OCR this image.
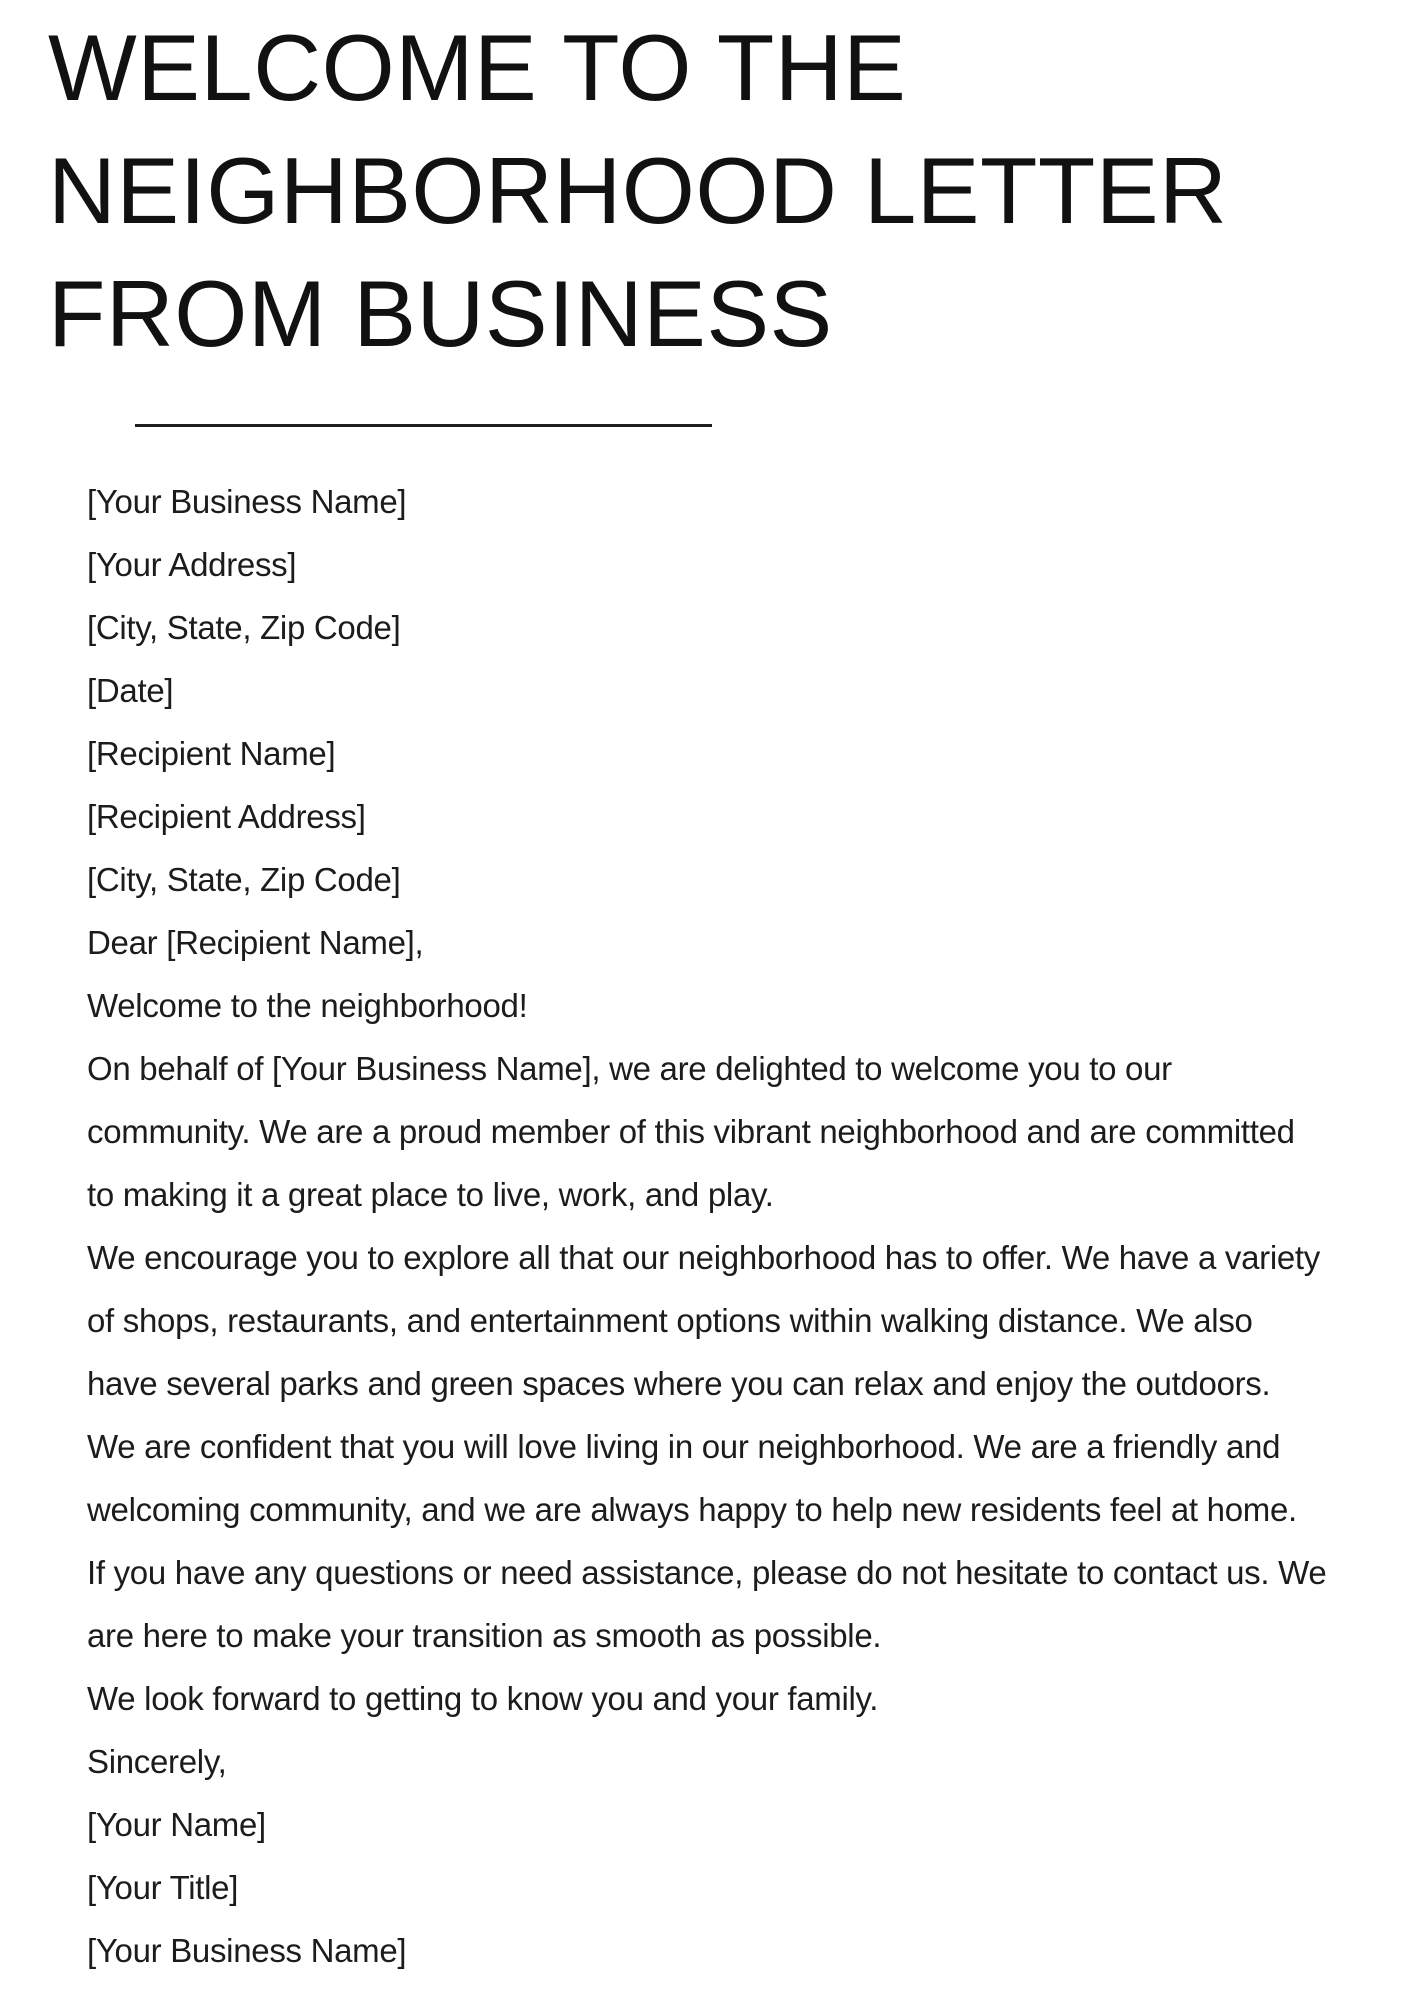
WELCOME TO THE
NEIGHBORHOOD LETTER
FROM BUSINESS
[Your Business Name]
[Your Address]
[City, State, Zip Code]
[Date]
[Recipient Name]
[Recipient Address]
[City, State, Zip Code]
Dear [Recipient Name],
Welcome to the neighborhood!
On behalf of [Your Business Name], we are delighted to welcome you to our
community. We are a proud member of this vibrant neighborhood and are committed
to making it a great place to live, work, and play.
We encourage you to explore all that our neighborhood has to offer. We have a variety
of shops, restaurants, and entertainment options within walking distance. We also
have several parks and green spaces where you can relax and enjoy the outdoors.
We are confident that you will love living in our neighborhood. We are a friendly and
welcoming community, and we are always happy to help new residents feel at home.
If you have any questions or need assistance, please do not hesitate to contact us. We
are here to make your transition as smooth as possible.
We look forward to getting to know you and your family.
Sincerely,
[Your Name]
[Your Title]
[Your Business Name]
